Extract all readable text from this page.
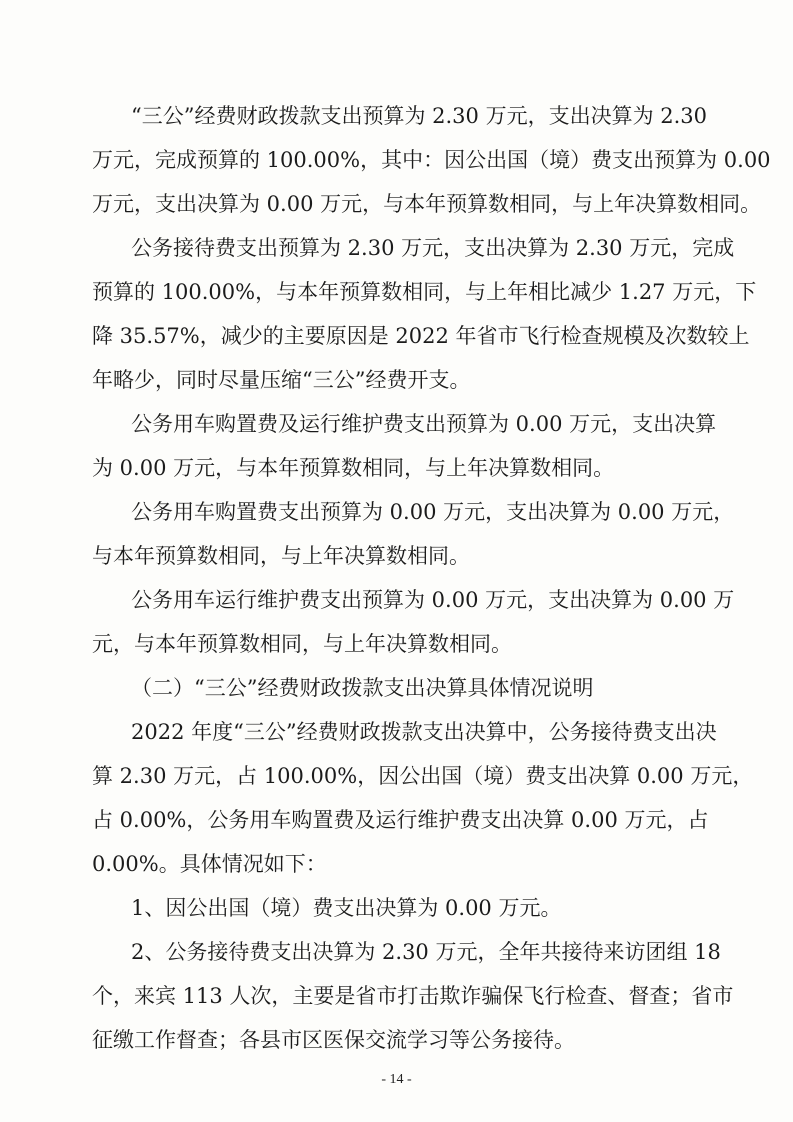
“三公”经费财政拨款支出预算为 2.30 万元，支出决算为 2.30
万元，完成预算的 100.00%，其中：因公出国（境）费支出预算为 0.00
万元，支出决算为 0.00 万元，与本年预算数相同，与上年决算数相同。
公务接待费支出预算为 2.30 万元，支出决算为 2.30 万元，完成
预算的 100.00%，与本年预算数相同，与上年相比减少 1.27 万元，下
降 35.57%，减少的主要原因是 2022 年省市飞行检查规模及次数较上
年略少，同时尽量压缩“三公”经费开支。
公务用车购置费及运行维护费支出预算为 0.00 万元，支出决算
为 0.00 万元，与本年预算数相同，与上年决算数相同。
公务用车购置费支出预算为 0.00 万元，支出决算为 0.00 万元，
与本年预算数相同，与上年决算数相同。
公务用车运行维护费支出预算为 0.00 万元，支出决算为 0.00 万
元，与本年预算数相同，与上年决算数相同。
（二）“三公”经费财政拨款支出决算具体情况说明
2022 年度“三公”经费财政拨款支出决算中，公务接待费支出决
算 2.30 万元，占 100.00%，因公出国（境）费支出决算 0.00 万元，
占 0.00%，公务用车购置费及运行维护费支出决算 0.00 万元，占
0.00%。具体情况如下：
1、因公出国（境）费支出决算为 0.00 万元。
2、公务接待费支出决算为 2.30 万元，全年共接待来访团组 18
个，来宾 113 人次，主要是省市打击欺诈骗保飞行检查、督查；省市
征缴工作督查；各县市区医保交流学习等公务接待。
- 14 -
